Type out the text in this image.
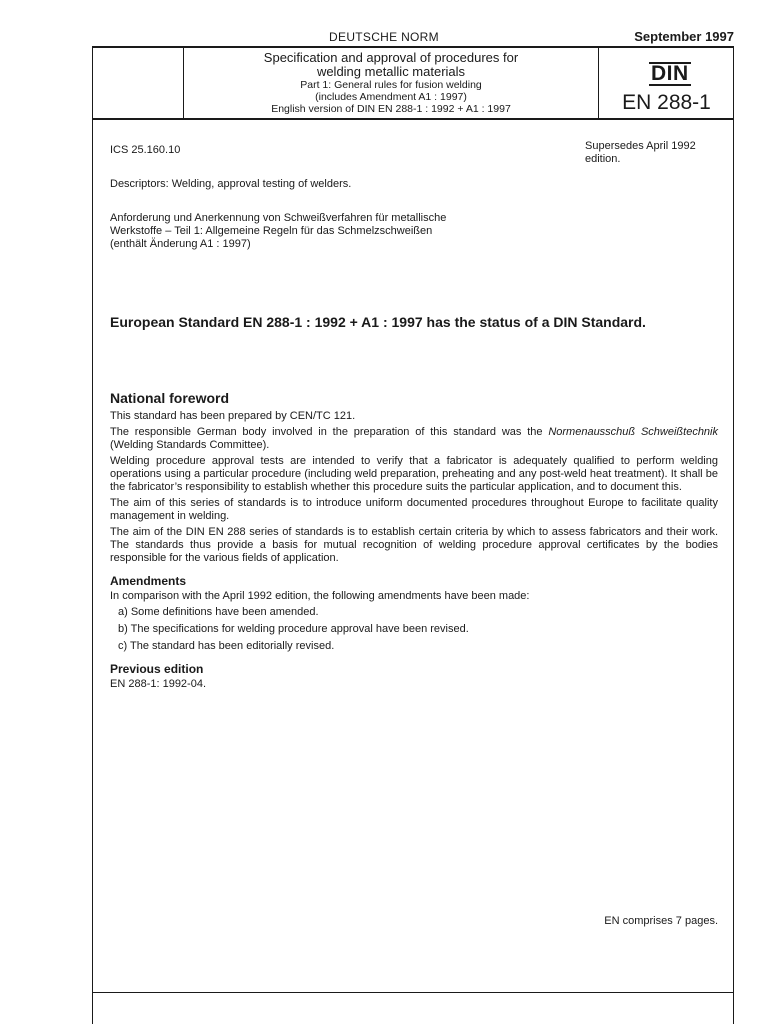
DEUTSCHE NORM	September 1997
Specification and approval of procedures for
welding metallic materials
Part 1: General rules for fusion welding
(includes Amendment A1 : 1997)
English version of DIN EN 288-1 : 1992 + A1 : 1997
DIN
EN 288-1
ICS 25.160.10	Supersedes April 1992
edition.
Descriptors: Welding, approval testing of welders.
Anforderung und Anerkennung von Schweißverfahren für metallische
Werkstoffe – Teil 1: Allgemeine Regeln für das Schmelzschweißen
(enthält Änderung A1 : 1997)
European Standard EN 288-1 : 1992 + A1 : 1997 has the status of a DIN Standard.
National foreword

This standard has been prepared by CEN/TC 121.

The responsible German body involved in the preparation of this standard was the Normenausschuß Schweißtechnik (Welding Standards Committee).

Welding procedure approval tests are intended to verify that a fabricator is adequately qualified to perform welding operations using a particular procedure (including weld preparation, preheating and any post-weld heat treatment). It shall be the fabricator’s responsibility to establish whether this procedure suits the particular application, and to document this.

The aim of this series of standards is to introduce uniform documented procedures throughout Europe to facilitate quality management in welding.

The aim of the DIN EN 288 series of standards is to establish certain criteria by which to assess fabricators and their work. The standards thus provide a basis for mutual recognition of welding procedure approval certificates by the bodies responsible for the various fields of application.

Amendments

In comparison with the April 1992 edition, the following amendments have been made:

a) Some definitions have been amended.
b) The specifications for welding procedure approval have been revised.
c) The standard has been editorially revised.
Previous edition

EN 288-1: 1992-04.

EN comprises 7 pages.
